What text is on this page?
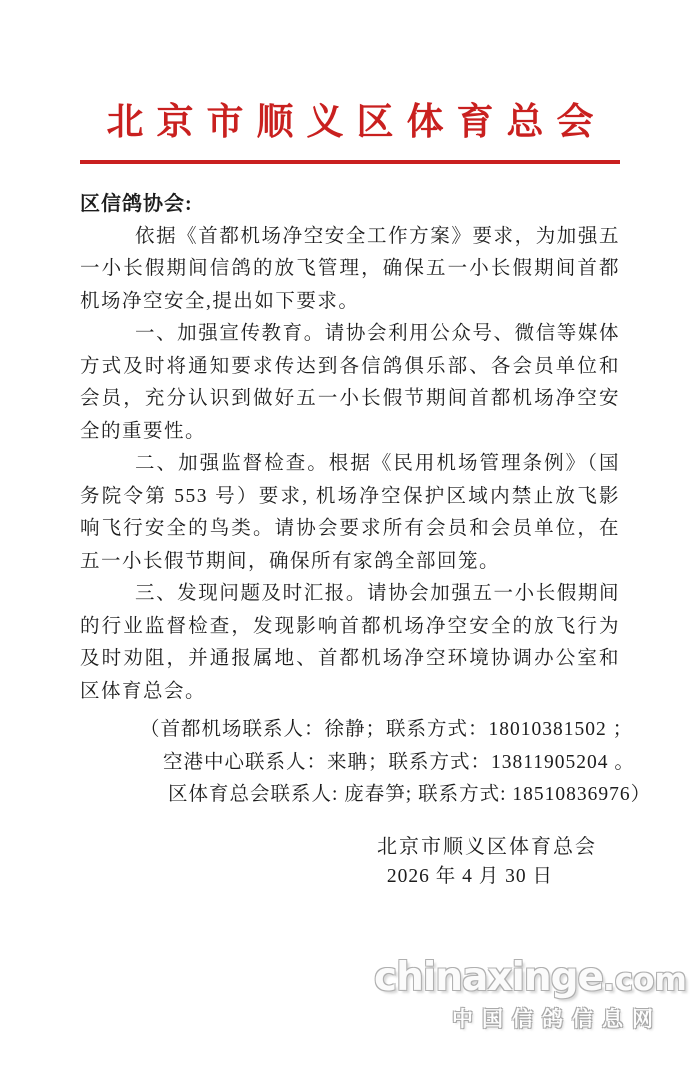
北京市顺义区体育总会

区信鸽协会:

依据《首都机场净空安全工作方案》要求，为加强五一小长假期间信鸽的放飞管理，确保五一小长假期间首都机场净空安全,提出如下要求。

一、加强宣传教育。请协会利用公众号、微信等媒体方式及时将通知要求传达到各信鸽俱乐部、各会员单位和会员，充分认识到做好五一小长假节期间首都机场净空安全的重要性。

二、加强监督检查。根据《民用机场管理条例》（国务院令第 553 号）要求, 机场净空保护区域内禁止放飞影响飞行安全的鸟类。请协会要求所有会员和会员单位，在五一小长假节期间，确保所有家鸽全部回笼。

三、发现问题及时汇报。请协会加强五一小长假期间的行业监督检查，发现影响首都机场净空安全的放飞行为及时劝阻，并通报属地、首都机场净空环境协调办公室和区体育总会。

（首都机场联系人：徐静；联系方式：18010381502 ；

空港中心联系人：来聃；联系方式：13811905204 。

区体育总会联系人: 庞春笋; 联系方式: 18510836976）

北京市顺义区体育总会

2026 年 4 月 30 日

chinaxinge.com
中国信鸽信息网
